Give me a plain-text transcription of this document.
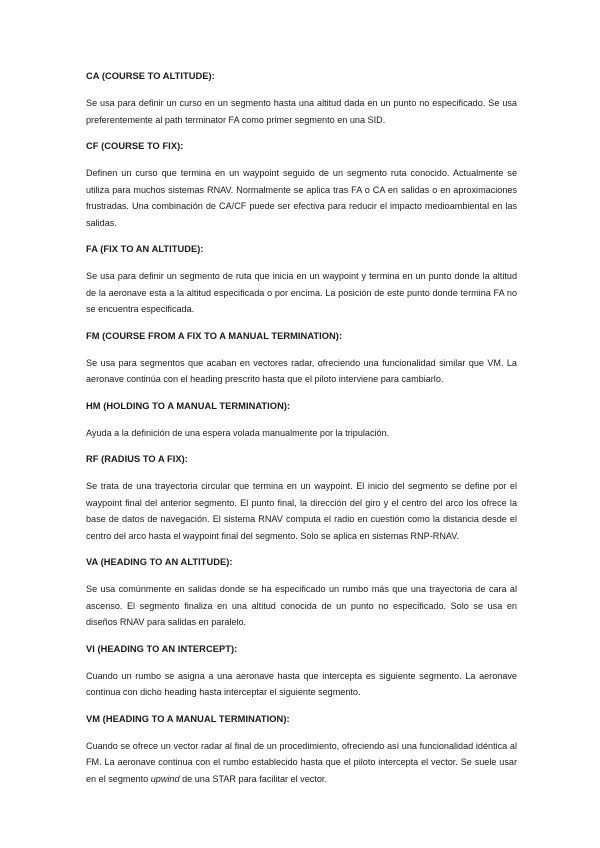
CA (COURSE TO ALTITUDE):

Se usa para definir un curso en un segmento hasta una altitud dada en un punto no especificado. Se usa preferentemente al path terminator FA como primer segmento en una SID.

CF (COURSE TO FIX):

Definen un curso que termina en un waypoint seguido de un segmento ruta conocido. Actualmente se utiliza para muchos sistemas RNAV. Normalmente se aplica tras FA o CA en salidas o en aproximaciones frustradas. Una combinación de CA/CF puede ser efectiva para reducir el impacto medioambiental en las salidas.

FA (FIX TO AN ALTITUDE):

Se usa para definir un segmento de ruta que inicia en un waypoint y termina en un punto donde la altitud de la aeronave esta a la altitud especificada o por encima. La posición de este punto donde termina FA no se encuentra especificada.

FM (COURSE FROM A FIX TO A MANUAL TERMINATION):

Se usa para segmentos que acaban en vectores radar, ofreciendo una funcionalidad similar que VM. La aeronave continúa con el heading prescrito hasta que el piloto interviene para cambiarlo.

HM (HOLDING TO A MANUAL TERMINATION):

Ayuda a la definición de una espera volada manualmente por la tripulación.

RF (RADIUS TO A FIX):

Se trata de una trayectoria circular que termina en un waypoint. El inicio del segmento se define por el waypoint final del anterior segmento. El punto final, la dirección del giro y el centro del arco los ofrece la base de datos de navegación. El sistema RNAV computa el radio en cuestión como la distancia desde el centro del arco hasta el waypoint final del segmento. Solo se aplica en sistemas RNP-RNAV.

VA (HEADING TO AN ALTITUDE):

Se usa comúnmente en salidas donde se ha especificado un rumbo más que una trayectoria de cara al ascenso. El segmento finaliza en una altitud conocida de un punto no especificado. Solo se usa en diseños RNAV para salidas en paralelo.

VI (HEADING TO AN INTERCEPT):

Cuando un rumbo se asigna a una aeronave hasta que intercepta es siguiente segmento. La aeronave continua con dicho heading hasta interceptar el siguiente segmento.

VM (HEADING TO A MANUAL TERMINATION):

Cuando se ofrece un vector radar al final de un procedimiento, ofreciendo así una funcionalidad idéntica al FM. La aeronave continua con el rumbo establecido hasta que el piloto intercepta el vector. Se suele usar en el segmento upwind de una STAR para facilitar el vector.
